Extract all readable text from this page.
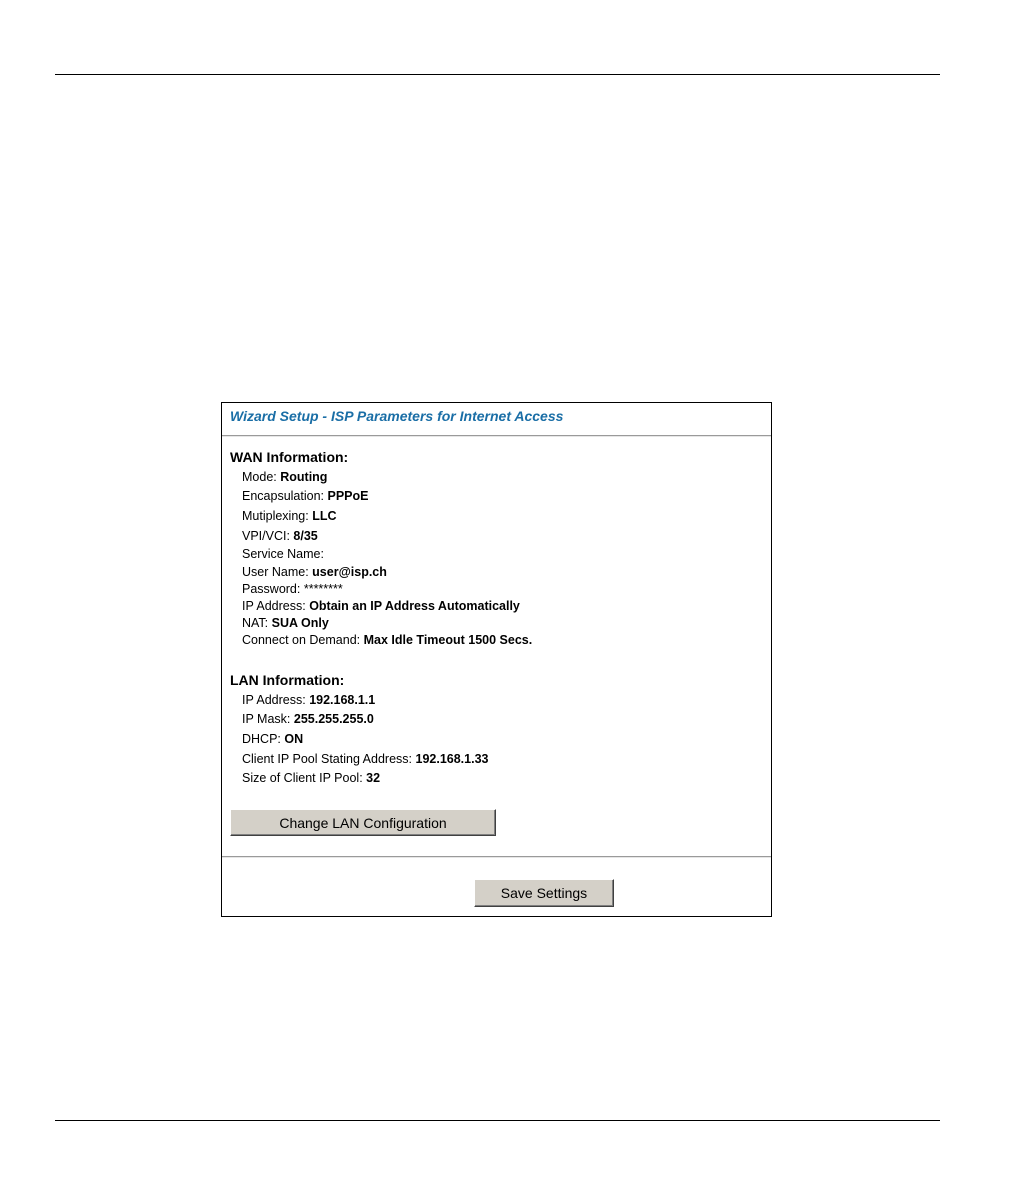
Wizard Setup - ISP Parameters for Internet Access
WAN Information:
Mode: Routing
Encapsulation: PPPoE
Mutiplexing: LLC
VPI/VCI: 8/35
Service Name:
User Name: user@isp.ch
Password: ********
IP Address: Obtain an IP Address Automatically
NAT: SUA Only
Connect on Demand: Max Idle Timeout 1500 Secs.
LAN Information:
IP Address: 192.168.1.1
IP Mask: 255.255.255.0
DHCP: ON
Client IP Pool Stating Address: 192.168.1.33
Size of Client IP Pool: 32
Change LAN Configuration
Save Settings
